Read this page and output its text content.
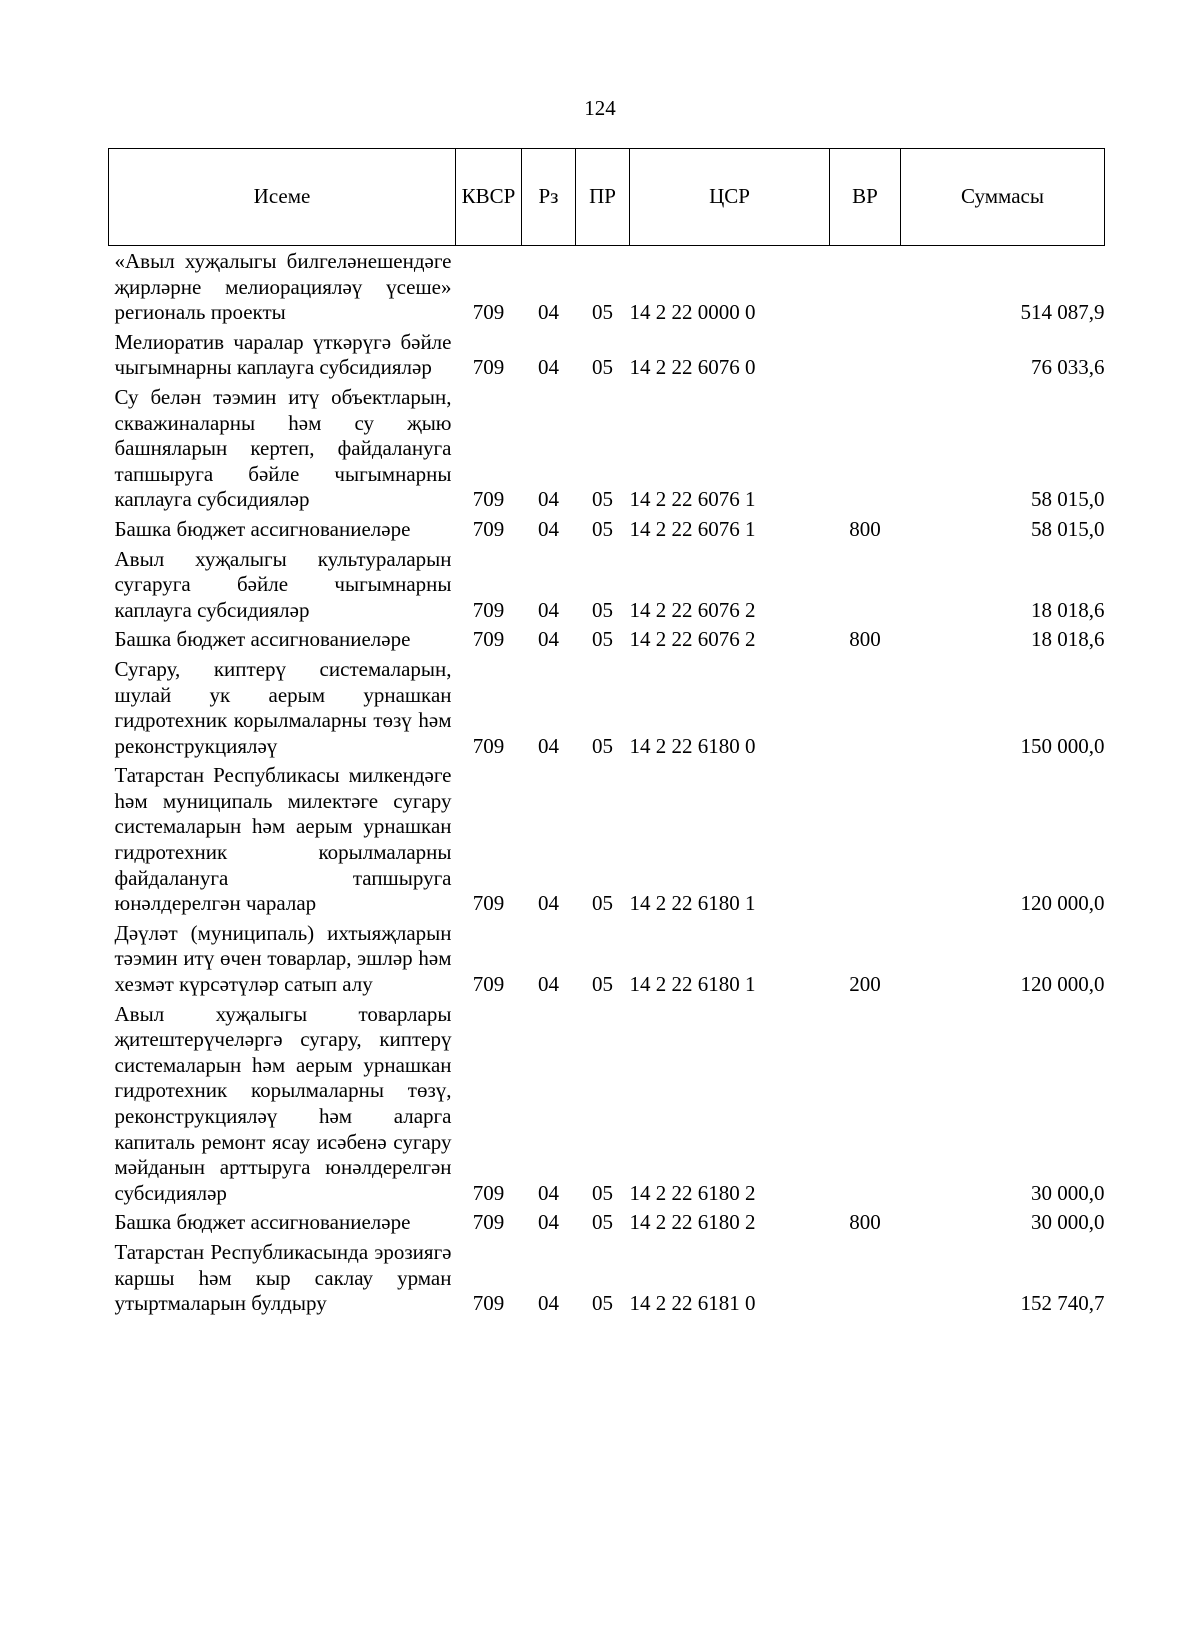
124
Исеме	КВСР	Рз	ПР	ЦСР	ВР	Суммасы
«Авыл хуҗалыгы билгеләнешендәге җирләрне мелиорацияләү үсеше» региональ проекты	709	04	05	14 2 22 0000 0		514 087,9
Мелиоратив чаралар үткәрүгә бәйле чыгымнарны каплауга субсидияләр	709	04	05	14 2 22 6076 0		76 033,6
Су белән тәэмин итү объектларын, скважиналарны һәм су җыю башняларын кертеп, файдалануга тапшыруга бәйле чыгымнарны каплауга субсидияләр	709	04	05	14 2 22 6076 1		58 015,0
Башка бюджет ассигнованиеләре	709	04	05	14 2 22 6076 1	800	58 015,0
Авыл хуҗалыгы культураларын сугаруга бәйле чыгымнарны каплауга субсидияләр	709	04	05	14 2 22 6076 2		18 018,6
Башка бюджет ассигнованиеләре	709	04	05	14 2 22 6076 2	800	18 018,6
Сугару, киптерү системаларын, шулай ук аерым урнашкан гидротехник корылмаларны төзү һәм реконструкцияләү	709	04	05	14 2 22 6180 0		150 000,0
Татарстан Республикасы милкендәге һәм муниципаль милектәге сугару системаларын һәм аерым урнашкан гидротехник корылмаларны файдалануга тапшыруга юнәлдерелгән чаралар	709	04	05	14 2 22 6180 1		120 000,0
Дәүләт (муниципаль) ихтыяҗларын тәэмин итү өчен товарлар, эшләр һәм хезмәт күрсәтүләр сатып алу	709	04	05	14 2 22 6180 1	200	120 000,0
Авыл хуҗалыгы товарлары җитештерүчеләргә сугару, киптерү системаларын һәм аерым урнашкан гидротехник корылмаларны төзү, реконструкцияләү һәм аларга капиталь ремонт ясау исәбенә сугару мәйданын арттыруга юнәлдерелгән субсидияләр	709	04	05	14 2 22 6180 2		30 000,0
Башка бюджет ассигнованиеләре	709	04	05	14 2 22 6180 2	800	30 000,0
Татарстан Республикасында эрозиягә каршы һәм кыр саклау урман утыртмаларын булдыру	709	04	05	14 2 22 6181 0		152 740,7
